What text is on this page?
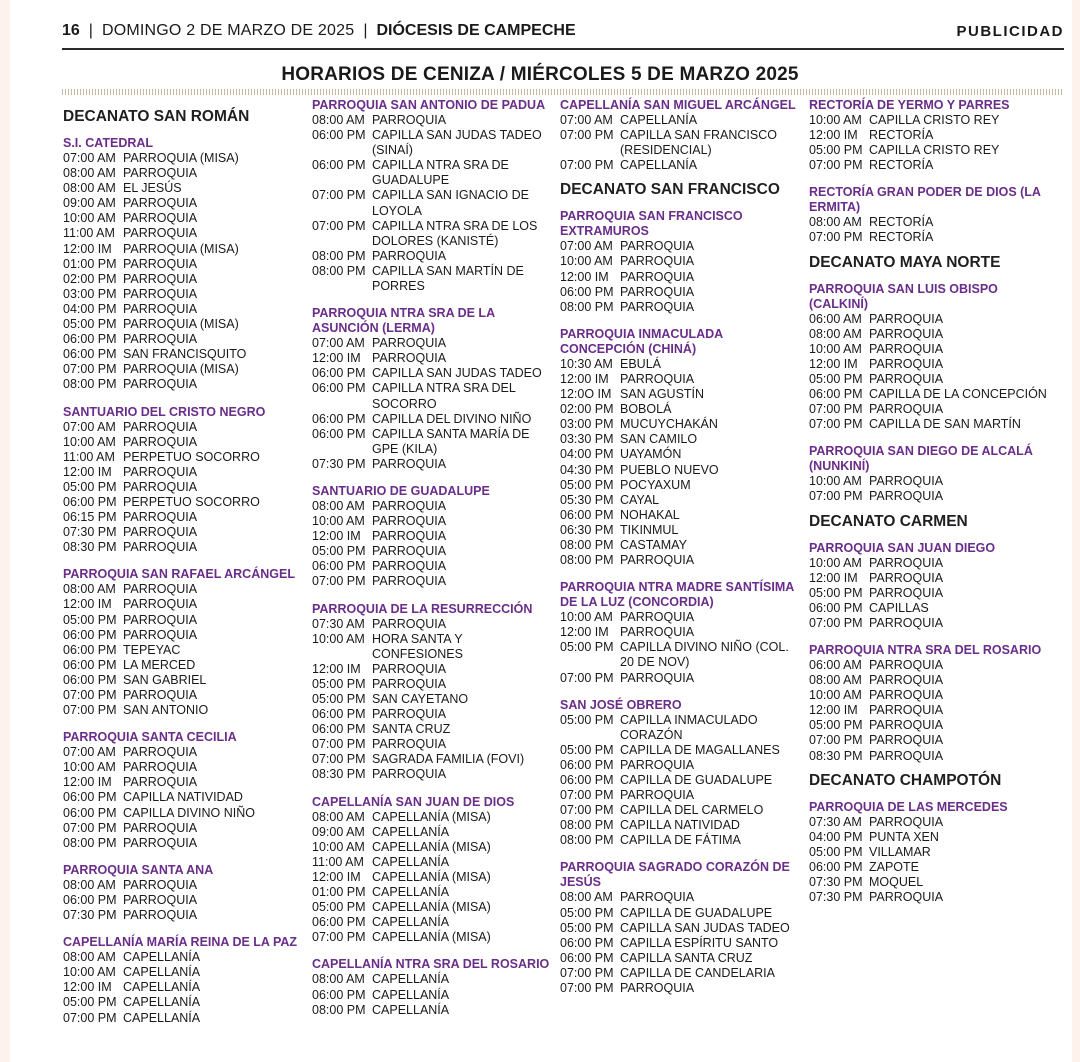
16 | DOMINGO 2 DE MARZO DE 2025 | DIÓCESIS DE CAMPECHE	PUBLICIDAD
HORARIOS DE CENIZA / MIÉRCOLES 5 DE MARZO 2025
DECANATO SAN ROMÁN
S.I. CATEDRAL
07:00 AM PARROQUIA (MISA)
08:00 AM PARROQUIA
08:00 AM EL JESÚS
09:00 AM PARROQUIA
10:00 AM PARROQUIA
11:00 AM PARROQUIA
12:00 IM PARROQUIA (MISA)
01:00 PM PARROQUIA
02:00 PM PARROQUIA
03:00 PM PARROQUIA
04:00 PM PARROQUIA
05:00 PM PARROQUIA (MISA)
06:00 PM PARROQUIA
06:00 PM SAN FRANCISQUITO
07:00 PM PARROQUIA (MISA)
08:00 PM PARROQUIA
SANTUARIO DEL CRISTO NEGRO
07:00 AM PARROQUIA
10:00 AM PARROQUIA
11:00 AM PERPETUO SOCORRO
12:00 IM PARROQUIA
05:00 PM PARROQUIA
06:00 PM PERPETUO SOCORRO
06:15 PM PARROQUIA
07:30 PM PARROQUIA
08:30 PM PARROQUIA
PARROQUIA SAN RAFAEL ARCÁNGEL
08:00 AM PARROQUIA
12:00 IM PARROQUIA
05:00 PM PARROQUIA
06:00 PM PARROQUIA
06:00 PM TEPEYAC
06:00 PM LA MERCED
06:00 PM SAN GABRIEL
07:00 PM PARROQUIA
07:00 PM SAN ANTONIO
PARROQUIA SANTA CECILIA
07:00 AM PARROQUIA
10:00 AM PARROQUIA
12:00 IM PARROQUIA
06:00 PM CAPILLA NATIVIDAD
06:00 PM CAPILLA DIVINO NIÑO
07:00 PM PARROQUIA
08:00 PM PARROQUIA
PARROQUIA SANTA ANA
08:00 AM PARROQUIA
06:00 PM PARROQUIA
07:30 PM PARROQUIA
CAPELLANÍA MARÍA REINA DE LA PAZ
08:00 AM CAPELLANÍA
10:00 AM CAPELLANÍA
12:00 IM CAPELLANÍA
05:00 PM CAPELLANÍA
07:00 PM CAPELLANÍA
PARROQUIA SAN ANTONIO DE PADUA
08:00 AM PARROQUIA
06:00 PM CAPILLA SAN JUDAS TADEO (SINAÍ)
06:00 PM CAPILLA NTRA SRA DE GUADALUPE
07:00 PM CAPILLA SAN IGNACIO DE LOYOLA
07:00 PM CAPILLA NTRA SRA DE LOS DOLORES (KANISTÉ)
08:00 PM PARROQUIA
08:00 PM CAPILLA SAN MARTÍN DE PORRES
PARROQUIA NTRA SRA DE LA ASUNCIÓN (LERMA)
07:00 AM PARROQUIA
12:00 IM PARROQUIA
06:00 PM CAPILLA SAN JUDAS TADEO
06:00 PM CAPILLA NTRA SRA DEL SOCORRO
06:00 PM CAPILLA DEL DIVINO NIÑO
06:00 PM CAPILLA SANTA MARÍA DE GPE (KILA)
07:30 PM PARROQUIA
SANTUARIO DE GUADALUPE
08:00 AM PARROQUIA
10:00 AM PARROQUIA
12:00 IM PARROQUIA
05:00 PM PARROQUIA
06:00 PM PARROQUIA
07:00 PM PARROQUIA
PARROQUIA DE LA RESURRECCIÓN
07:30 AM PARROQUIA
10:00 AM HORA SANTA Y CONFESIONES
12:00 IM PARROQUIA
05:00 PM PARROQUIA
05:00 PM SAN CAYETANO
06:00 PM PARROQUIA
06:00 PM SANTA CRUZ
07:00 PM PARROQUIA
07:00 PM SAGRADA FAMILIA (FOVI)
08:30 PM PARROQUIA
CAPELLANÍA SAN JUAN DE DIOS
08:00 AM CAPELLANÍA (MISA)
09:00 AM CAPELLANÍA
10:00 AM CAPELLANÍA (MISA)
11:00 AM CAPELLANÍA
12:00 IM CAPELLANÍA (MISA)
01:00 PM CAPELLANÍA
05:00 PM CAPELLANÍA (MISA)
06:00 PM CAPELLANÍA
07:00 PM CAPELLANÍA (MISA)
CAPELLANÍA NTRA SRA DEL ROSARIO
08:00 AM CAPELLANÍA
06:00 PM CAPELLANÍA
08:00 PM CAPELLANÍA
CAPELLANÍA SAN MIGUEL ARCÁNGEL
07:00 AM CAPELLANÍA
07:00 PM CAPILLA SAN FRANCISCO (RESIDENCIAL)
07:00 PM CAPELLANÍA
DECANATO SAN FRANCISCO
PARROQUIA SAN FRANCISCO EXTRAMUROS
07:00 AM PARROQUIA
10:00 AM PARROQUIA
12:00 IM PARROQUIA
06:00 PM PARROQUIA
08:00 PM PARROQUIA
PARROQUIA INMACULADA CONCEPCIÓN (CHINÁ)
10:30 AM EBULÁ
12:00 IM PARROQUIA
12:0O IM SAN AGUSTÍN
02:00 PM BOBOLÁ
03:00 PM MUCUYCHAKÁN
03:30 PM SAN CAMILO
04:00 PM UAYAMÓN
04:30 PM PUEBLO NUEVO
05:00 PM POCYAXUM
05:30 PM CAYAL
06:00 PM NOHAKAL
06:30 PM TIKINMUL
08:00 PM CASTAMAY
08:00 PM PARROQUIA
PARROQUIA NTRA MADRE SANTÍSIMA DE LA LUZ (CONCORDIA)
10:00 AM PARROQUIA
12:00 IM PARROQUIA
05:00 PM CAPILLA DIVINO NIÑO (COL. 20 DE NOV)
07:00 PM PARROQUIA
SAN JOSÉ OBRERO
05:00 PM CAPILLA INMACULADO CORAZÓN
05:00 PM CAPILLA DE MAGALLANES
06:00 PM PARROQUIA
06:00 PM CAPILLA DE GUADALUPE
07:00 PM PARROQUIA
07:00 PM CAPILLA DEL CARMELO
08:00 PM CAPILLA NATIVIDAD
08:00 PM CAPILLA DE FÁTIMA
PARROQUIA SAGRADO CORAZÓN DE JESÚS
08:00 AM PARROQUIA
05:00 PM CAPILLA DE GUADALUPE
05:00 PM CAPILLA SAN JUDAS TADEO
06:00 PM CAPILLA ESPÍRITU SANTO
06:00 PM CAPILLA SANTA CRUZ
07:00 PM CAPILLA DE CANDELARIA
07:00 PM PARROQUIA
RECTORÍA DE YERMO Y PARRES
10:00 AM CAPILLA CRISTO REY
12:00 IM RECTORÍA
05:00 PM CAPILLA CRISTO REY
07:00 PM RECTORÍA
RECTORÍA GRAN PODER DE DIOS (LA ERMITA)
08:00 AM RECTORÍA
07:00 PM RECTORÍA
DECANATO MAYA NORTE
PARROQUIA SAN LUIS OBISPO (CALKINÍ)
06:00 AM PARROQUIA
08:00 AM PARROQUIA
10:00 AM PARROQUIA
12:00 IM PARROQUIA
05:00 PM PARROQUIA
06:00 PM CAPILLA DE LA CONCEPCIÓN
07:00 PM PARROQUIA
07:00 PM CAPILLA DE SAN MARTÍN
PARROQUIA SAN DIEGO DE ALCALÁ (NUNKINÍ)
10:00 AM PARROQUIA
07:00 PM PARROQUIA
DECANATO CARMEN
PARROQUIA SAN JUAN DIEGO
10:00 AM PARROQUIA
12:00 IM PARROQUIA
05:00 PM PARROQUIA
06:00 PM CAPILLAS
07:00 PM PARROQUIA
PARROQUIA NTRA SRA DEL ROSARIO
06:00 AM PARROQUIA
08:00 AM PARROQUIA
10:00 AM PARROQUIA
12:00 IM PARROQUIA
05:00 PM PARROQUIA
07:00 PM PARROQUIA
08:30 PM PARROQUIA
DECANATO CHAMPOTÓN
PARROQUIA DE LAS MERCEDES
07:30 AM PARROQUIA
04:00 PM PUNTA XEN
05:00 PM VILLAMAR
06:00 PM ZAPOTE
07:30 PM MOQUEL
07:30 PM PARROQUIA
